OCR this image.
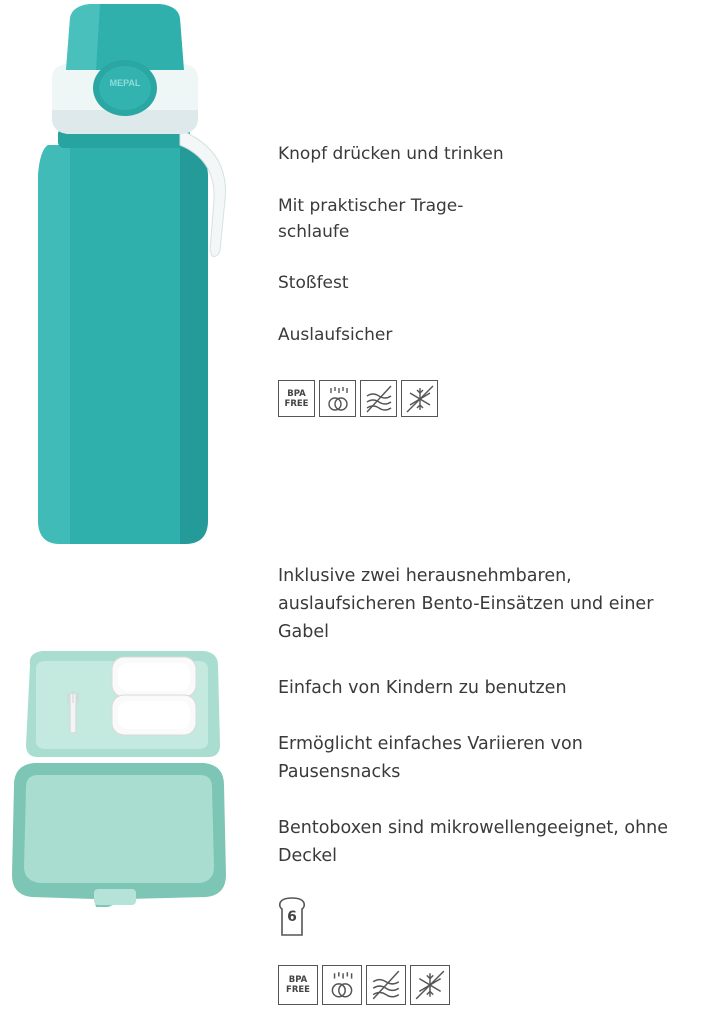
MEPAL

Knopf drücken und trinken

Mit praktischer Trage-
schlaufe

Stoßfest

Auslaufsicher

BPA
FREE

Inklusive zwei herausnehmbaren,
auslaufsicheren Bento-Einsätzen und einer
Gabel

Einfach von Kindern zu benutzen

Ermöglicht einfaches Variieren von
Pausensnacks

Bentoboxen sind mikrowellengeeignet, ohne
Deckel

6
BPA
FREE
